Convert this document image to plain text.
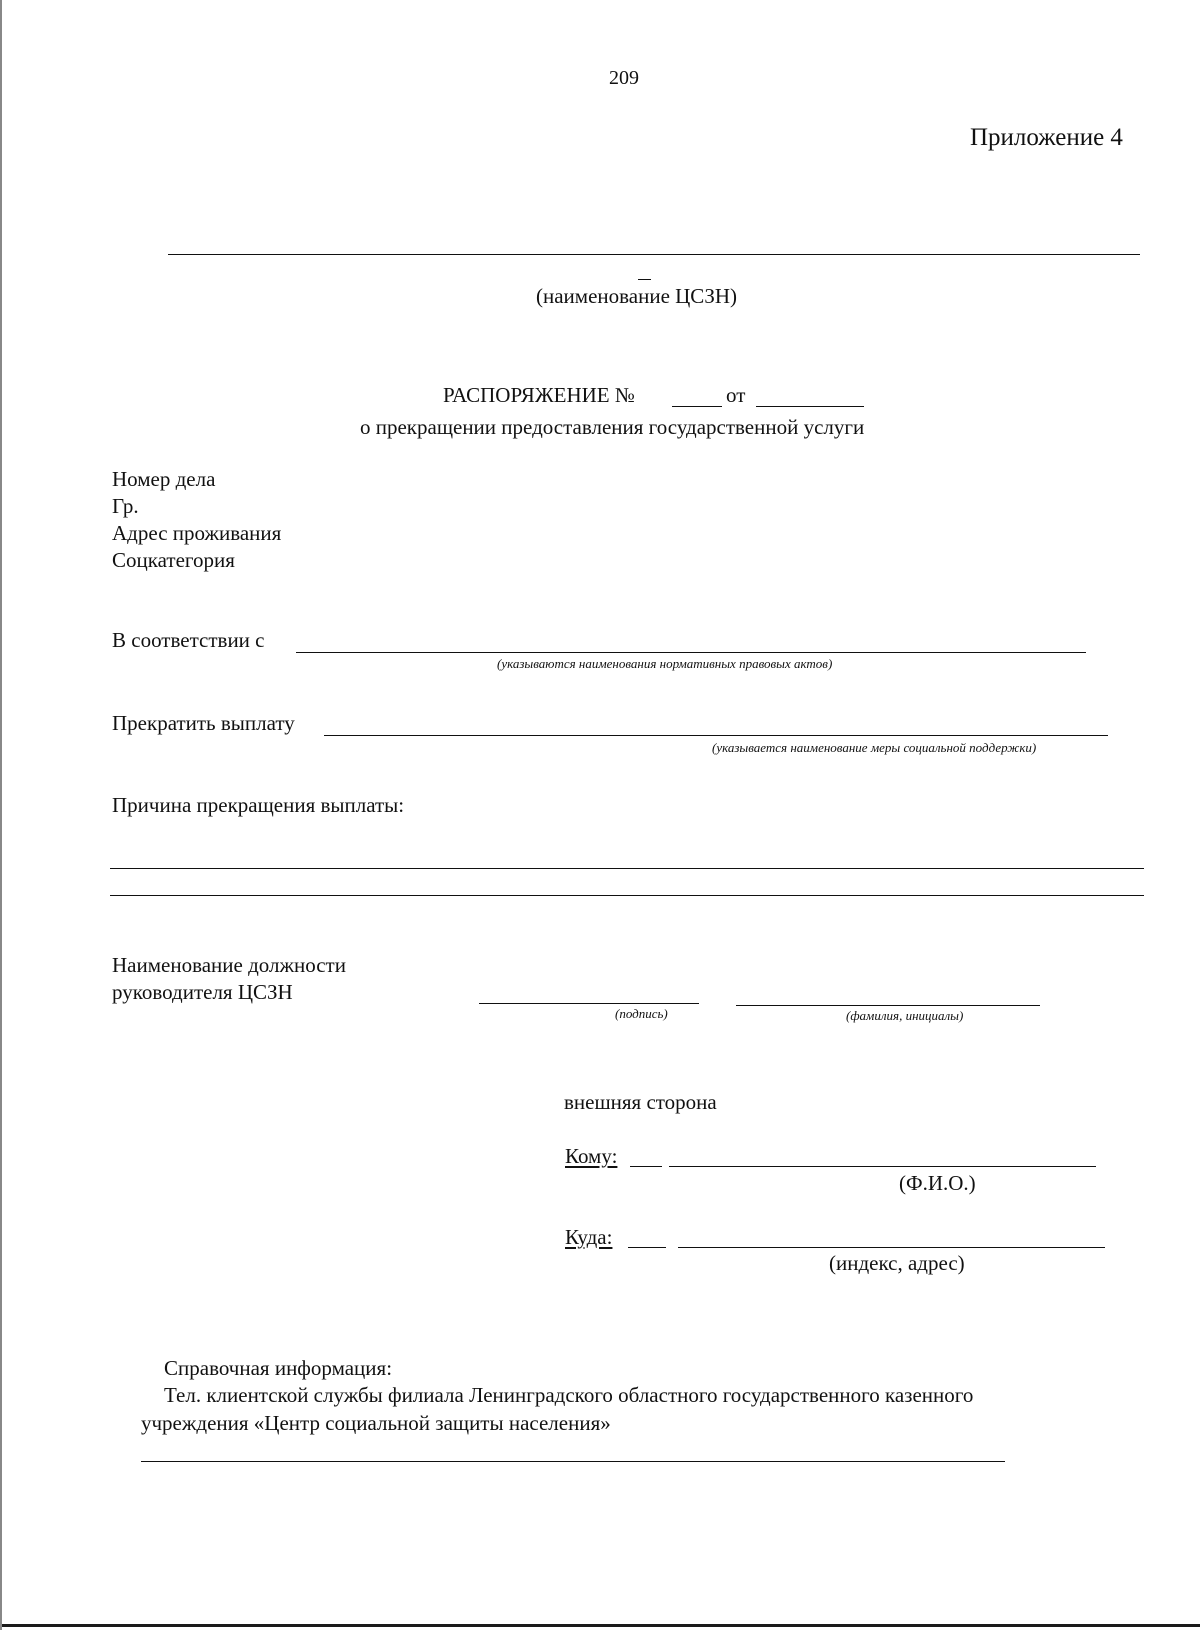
209
Приложение 4
(наименование ЦСЗН)
РАСПОРЯЖЕНИЕ №	от
о прекращении предоставления государственной услуги
Номер дела
Гр.
Адрес проживания
Соцкатегория
В соответствии с
(указываются наименования нормативных правовых актов)
Прекратить выплату
(указывается наименование меры социальной поддержки)
Причина прекращения выплаты:
Наименование должности
руководителя ЦСЗН
(подпись)	(фамилия, инициалы)
внешняя сторона
Кому:
(Ф.И.О.)
Куда:
(индекс, адрес)
Справочная информация:
Тел. клиентской службы филиала Ленинградского областного государственного казенного
учреждения «Центр социальной защиты населения»
